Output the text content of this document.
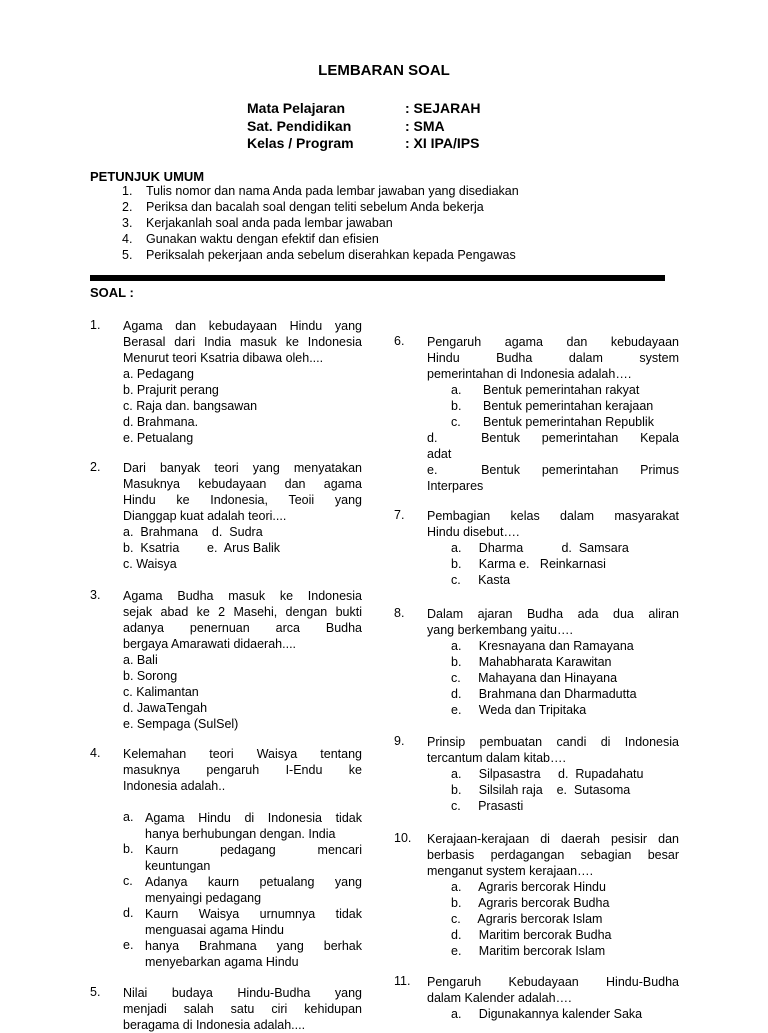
LEMBARAN SOAL
Mata Pelajaran	: SEJARAH
Sat. Pendidikan	: SMA
Kelas / Program	: XI IPA/IPS
PETUNJUK UMUM
1. Tulis nomor dan nama Anda pada lembar jawaban yang disediakan
2. Periksa dan bacalah soal dengan teliti sebelum Anda bekerja
3. Kerjakanlah soal anda pada lembar jawaban
4. Gunakan waktu dengan efektif dan efisien
5. Periksalah pekerjaan anda sebelum diserahkan kepada Pengawas
SOAL :
1.	Agama dan kebudayaan Hindu yang
Berasal dari India masuk ke Indonesia
Menurut teori Ksatria dibawa oleh....
a. Pedagang
b. Prajurit perang
c. Raja dan. bangsawan
d. Brahmana.
e. Petualang
2.	Dari banyak teori yang menyatakan
Masuknya kebudayaan dan agama
Hindu ke Indonesia, Teoii yang
Dianggap kuat adalah teori....
a.  Brahmana    d.  Sudra
b.  Ksatria        e.  Arus Balik
c. Waisya
3.	Agama Budha masuk ke Indonesia
sejak abad ke 2 Masehi, dengan bukti
adanya penernuan arca Budha
bergaya Amarawati didaerah....
a. Bali
b. Sorong
c. Kalimantan
d. JawaTengah
e. Sempaga (SulSel)
4.	Kelemahan teori Waisya tentang
masuknya pengaruh I-Endu ke
Indonesia adalah..
a. Agama Hindu di Indonesia tidak
hanya berhubungan dengan. India
b. Kaurn pedagang mencari
keuntungan
c. Adanya kaurn petualang yang
menyaingi pedagang
d. Kaurn Waisya urnumnya tidak
menguasai agama Hindu
e. hanya Brahmana yang berhak
menyebarkan agama Hindu
5.	Nilai budaya Hindu-Budha yang
menjadi salah satu ciri kehidupan
beragama di Indonesia adalah....
6.	Pengaruh agama dan kebudayaan
Hindu Budha dalam system
pemerintahan di Indonesia adalah….
a. Bentuk pemerintahan rakyat
b. Bentuk pemerintahan kerajaan
c. Bentuk pemerintahan Republik
d.  Bentuk pemerintahan Kepala
adat
e.  Bentuk pemerintahan Primus
Interpares
7.	Pembagian kelas dalam masyarakat
Hindu disebut….
a.     Dharma           d.  Samsara
b.     Karma e.   Reinkarnasi
c.     Kasta
8.	Dalam ajaran Budha ada dua aliran
yang berkembang yaitu….
a.     Kresnayana dan Ramayana
b.     Mahabharata Karawitan
c.     Mahayana dan Hinayana
d.     Brahmana dan Dharmadutta
e.     Weda dan Tripitaka
9.	Prinsip pembuatan candi di Indonesia
tercantum dalam kitab….
a.     Silpasastra     d.  Rupadahatu
b.     Silsilah raja    e.  Sutasoma
c.     Prasasti
10.	Kerajaan-kerajaan di daerah pesisir dan
berbasis perdagangan sebagian besar
menganut system kerajaan….
a.     Agraris bercorak Hindu
b.     Agraris bercorak Budha
c.     Agraris bercorak Islam
d.     Maritim bercorak Budha
e.     Maritim bercorak Islam
11.	Pengaruh Kebudayaan Hindu-Budha
dalam Kalender adalah….
a.     Digunakannya kalender Saka
